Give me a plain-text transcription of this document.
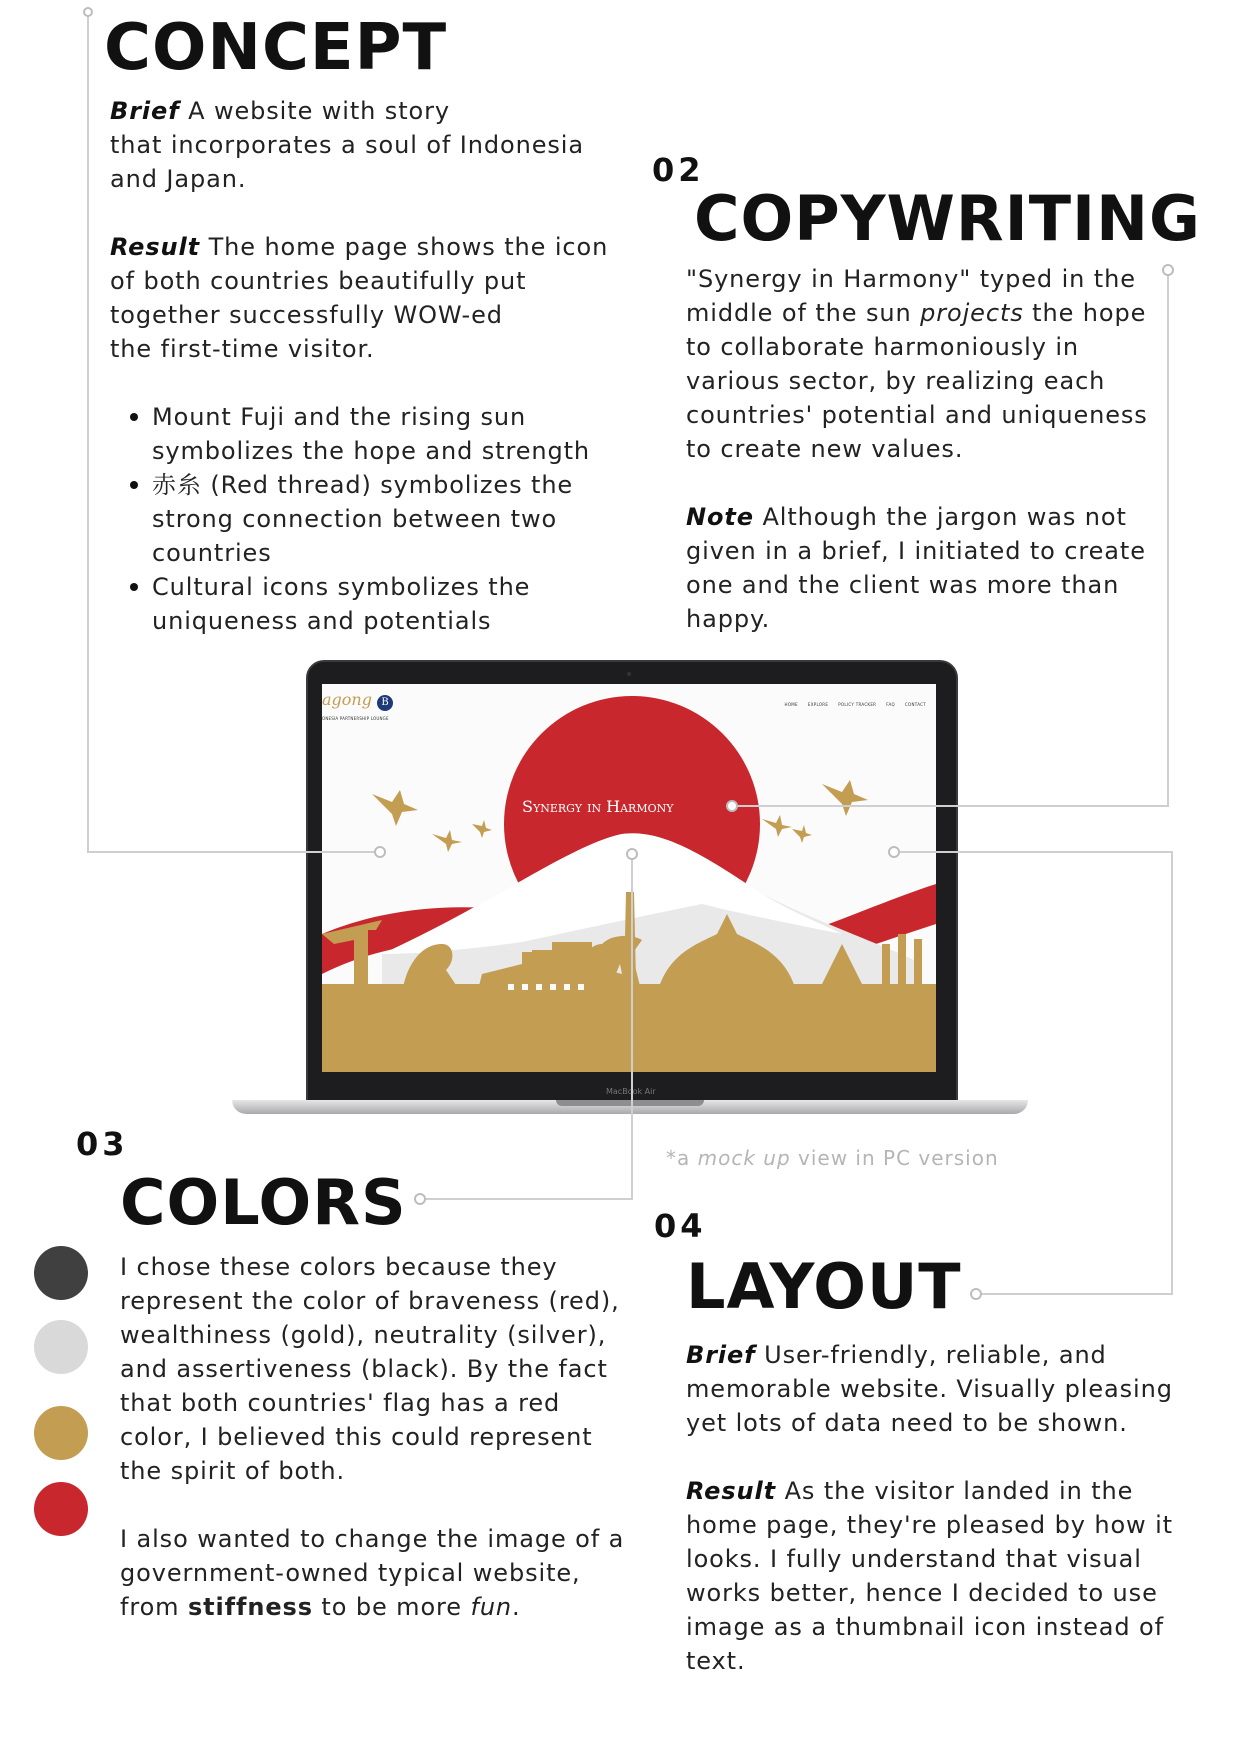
CONCEPT

Brief A website with story

that incorporates a soul of Indonesia

and Japan.

Result The home page shows the icon

of both countries beautifully put

together successfully WOW-ed

the first-time visitor.

Mount Fuji and the rising sun symbolizes the hope and strength
赤糸 (Red thread) symbolizes the strong connection between two countries
Cultural icons symbolizes the uniqueness and potentials
02
COPYWRITING

"Synergy in Harmony" typed in the middle of the sun projects the hope to collaborate harmoniously in various sector, by realizing each countries' potential and uniqueness to create new values.

Note Although the jargon was not given in a brief, I initiated to create one and the client was more than happy.

agong B
ONESIA PARTNERSHIP LOUNGE
HOME	EXPLORE	POLICY TRACKER	FAQ	CONTACT
Synergy in Harmony
MacBook Air
*a mock up view in PC version
03
COLORS

I chose these colors because they represent the color of braveness (red), wealthiness (gold), neutrality (silver), and assertiveness (black). By the fact that both countries' flag has a red color, I believed this could represent the spirit of both.

I also wanted to change the image of a government-owned typical website, from stiffness to be more fun.

04
LAYOUT

Brief User-friendly, reliable, and memorable website. Visually pleasing yet lots of data need to be shown.

Result As the visitor landed in the home page, they're pleased by how it looks. I fully understand that visual works better, hence I decided to use image as a thumbnail icon instead of text.
